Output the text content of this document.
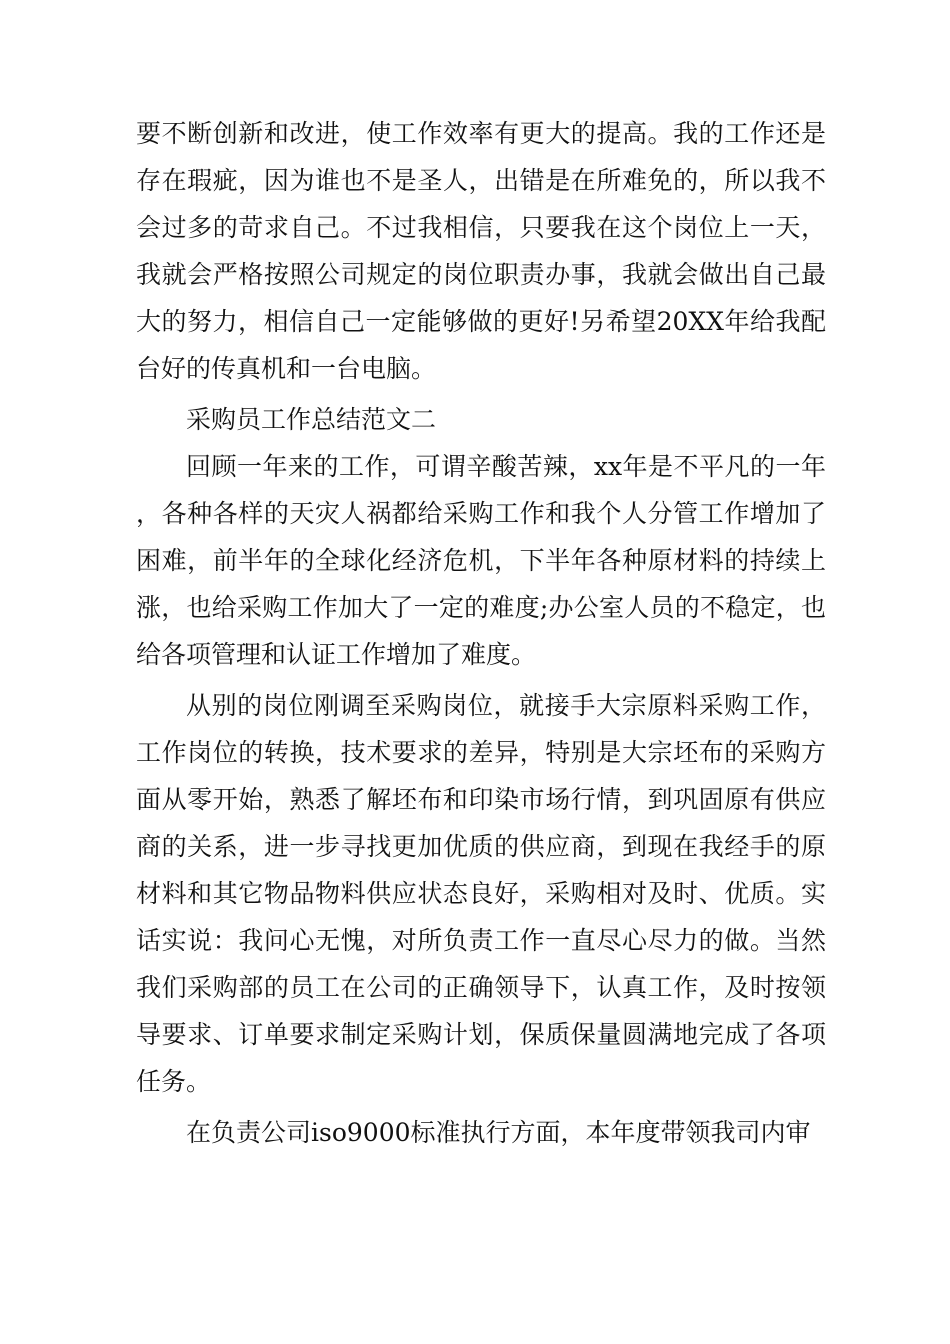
要不断创新和改进，使工作效率有更大的提高。我的工作还是存在瑕疵，因为谁也不是圣人，出错是在所难免的，所以我不会过多的苛求自己。不过我相信，只要我在这个岗位上一天，我就会严格按照公司规定的岗位职责办事，我就会做出自己最大的努力，相信自己一定能够做的更好!另希望20XX年给我配台好的传真机和一台电脑。

采购员工作总结范文二

回顾一年来的工作，可谓辛酸苦辣，xx年是不平凡的一年，各种各样的天灾人祸都给采购工作和我个人分管工作增加了困难，前半年的全球化经济危机，下半年各种原材料的持续上涨，也给采购工作加大了一定的难度;办公室人员的不稳定，也给各项管理和认证工作增加了难度。

从别的岗位刚调至采购岗位，就接手大宗原料采购工作，工作岗位的转换，技术要求的差异，特别是大宗坯布的采购方面从零开始，熟悉了解坯布和印染市场行情，到巩固原有供应商的关系，进一步寻找更加优质的供应商，到现在我经手的原材料和其它物品物料供应状态良好，采购相对及时、优质。实话实说：我问心无愧，对所负责工作一直尽心尽力的做。当然我们采购部的员工在公司的正确领导下，认真工作，及时按领导要求、订单要求制定采购计划，保质保量圆满地完成了各项任务。

在负责公司iso9000标准执行方面，本年度带领我司内审
